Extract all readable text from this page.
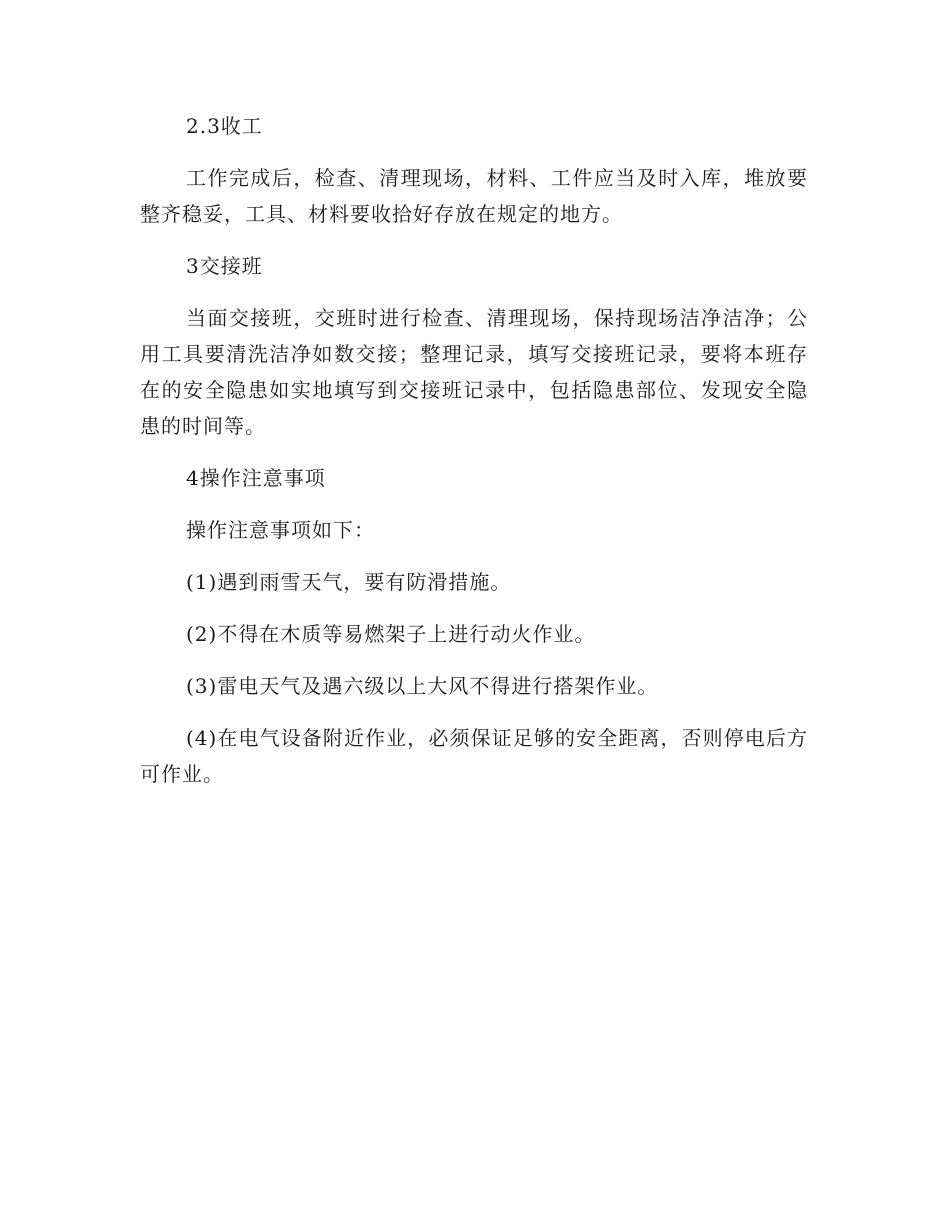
2.3收工

工作完成后，检查、清理现场，材料、工件应当及时入库，堆放要整齐稳妥，工具、材料要收拾好存放在规定的地方。

3交接班

当面交接班，交班时进行检查、清理现场，保持现场洁净洁净；公用工具要清洗洁净如数交接；整理记录，填写交接班记录，要将本班存在的安全隐患如实地填写到交接班记录中，包括隐患部位、发现安全隐患的时间等。

4操作注意事项

操作注意事项如下：

(1)遇到雨雪天气，要有防滑措施。

(2)不得在木质等易燃架子上进行动火作业。

(3)雷电天气及遇六级以上大风不得进行搭架作业。

(4)在电气设备附近作业，必须保证足够的安全距离，否则停电后方可作业。
